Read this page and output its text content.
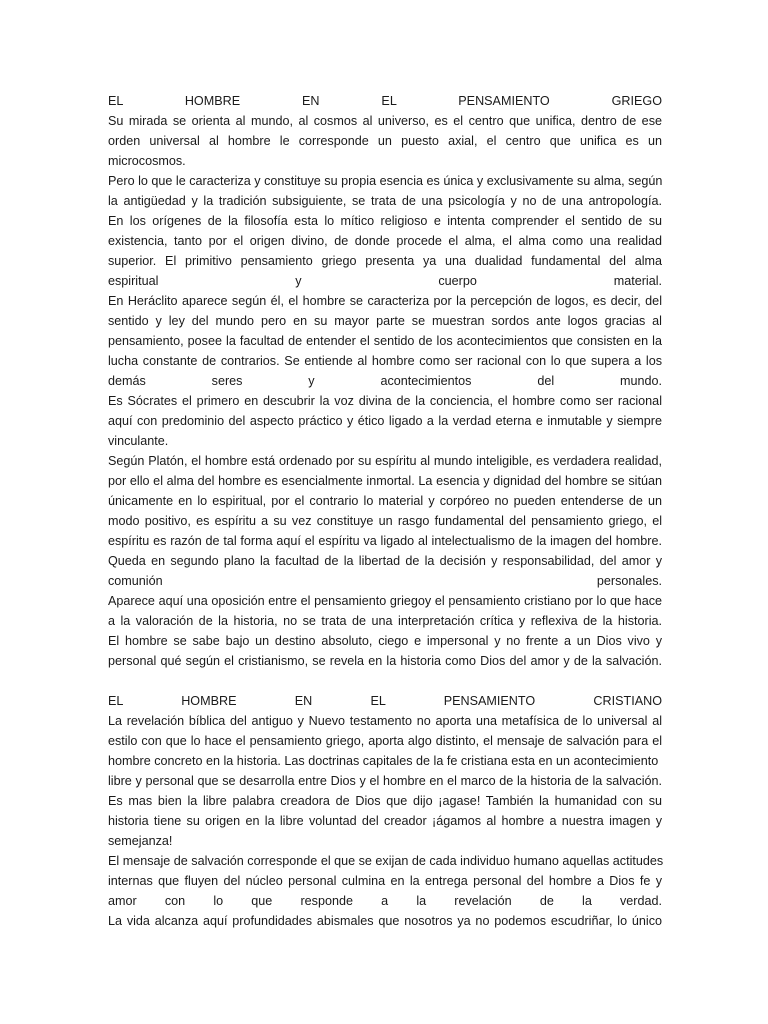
EL HOMBRE EN EL PENSAMIENTO GRIEGO
Su mirada se orienta al mundo, al cosmos al universo, es el centro que unifica, dentro de ese
orden universal al hombre le corresponde un puesto axial, el centro que unifica es un
microcosmos.
Pero lo que le caracteriza y constituye su propia esencia es única y exclusivamente su alma, según
la antigüedad y la tradición subsiguiente, se trata de una psicología y no de una antropología.
En los orígenes de la filosofía esta lo mítico religioso e intenta comprender el sentido de su
existencia, tanto por el origen divino, de donde procede el alma, el alma como una realidad
superior. El primitivo pensamiento griego presenta ya una dualidad fundamental del alma
espiritual y cuerpo material.
En Heráclito aparece según él, el hombre se caracteriza por la percepción de logos, es decir, del
sentido y ley del mundo pero en su mayor parte se muestran sordos ante logos gracias al
pensamiento, posee la facultad de entender el sentido de los acontecimientos que consisten en la
lucha constante de contrarios. Se entiende al hombre como ser racional con lo que supera a los
demás seres y acontecimientos del mundo.
Es Sócrates el primero en descubrir la voz divina de la conciencia, el hombre como ser racional
aquí con predominio del aspecto práctico y ético ligado a la verdad eterna e inmutable y siempre
vinculante.
Según Platón, el hombre está ordenado por su espíritu al mundo inteligible, es verdadera realidad,
por ello el alma del hombre es esencialmente inmortal. La esencia y dignidad del hombre se sitúan
únicamente en lo espiritual, por el contrario lo material y corpóreo no pueden entenderse de un
modo positivo, es espíritu a su vez constituye un rasgo fundamental del pensamiento griego, el
espíritu es razón de tal forma aquí el espíritu va ligado al intelectualismo de la imagen del hombre.
Queda en segundo plano la facultad de la libertad de la decisión y responsabilidad, del amor y
comunión personales.
Aparece aquí una oposición entre el pensamiento griegoy el pensamiento cristiano por lo que hace
a la valoración de la historia, no se trata de una interpretación crítica y reflexiva de la historia.
El hombre se sabe bajo un destino absoluto, ciego e impersonal y no frente a un Dios vivo y
personal qué según el cristianismo, se revela en la historia como Dios del amor y de la salvación.
EL HOMBRE EN EL PENSAMIENTO CRISTIANO
La revelación bíblica del antiguo y Nuevo testamento no aporta una metafísica de lo universal al
estilo con que lo hace el pensamiento griego, aporta algo distinto, el mensaje de salvación para el
hombre concreto en la historia. Las doctrinas capitales de la fe cristiana esta en un acontecimiento
libre y personal que se desarrolla entre Dios y el hombre en el marco de la historia de la salvación.
Es mas bien la libre palabra creadora de Dios que dijo ¡agase! También la humanidad con su
historia tiene su origen en la libre voluntad del creador ¡ágamos al hombre a nuestra imagen y
semejanza!
El mensaje de salvación corresponde el que se exijan de cada individuo humano aquellas actitudes
internas que fluyen del núcleo personal culmina en la entrega personal del hombre a Dios fe y
amor con lo que responde a la revelación de la verdad.
La vida alcanza aquí profundidades abismales que nosotros ya no podemos escudriñar, lo único
